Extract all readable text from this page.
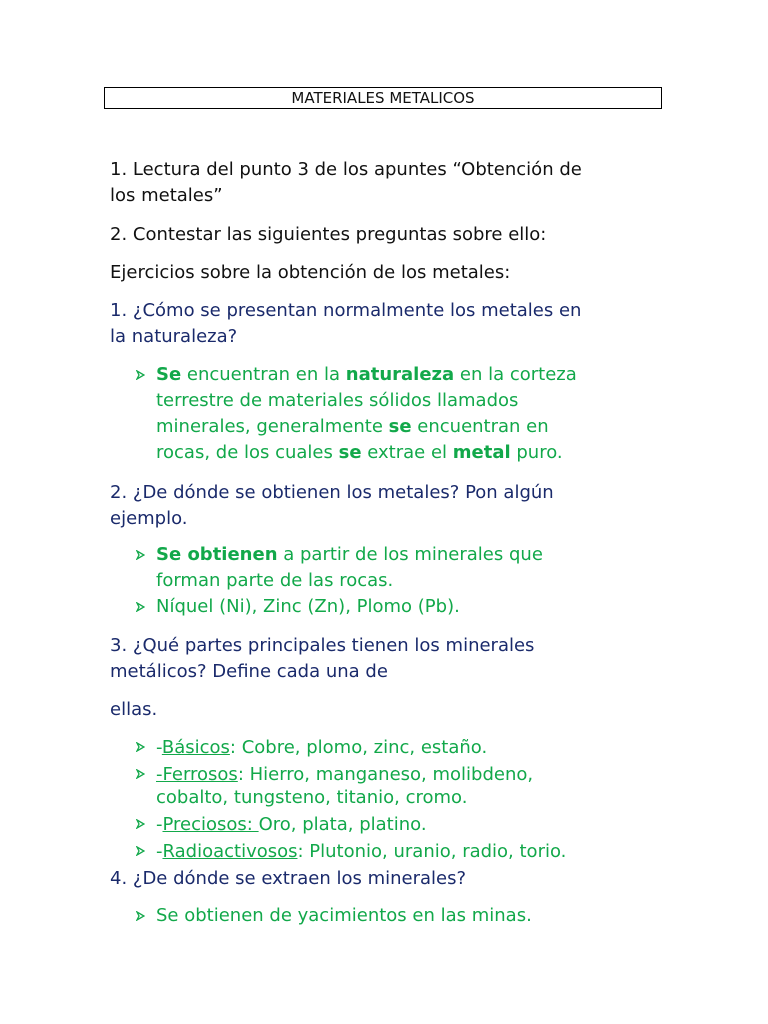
MATERIALES METALICOS

1. Lectura del punto 3 de los apuntes “Obtención de
los metales”

2. Contestar las siguientes preguntas sobre ello:

Ejercicios sobre la obtención de los metales:

1. ¿Cómo se presentan normalmente los metales en
la naturaleza?

Se encuentran en la naturaleza en la corteza
terrestre de materiales sólidos llamados
minerales, generalmente se encuentran en
rocas, de los cuales se extrae el metal puro.

2. ¿De dónde se obtienen los metales? Pon algún
ejemplo.

Se obtienen a partir de los minerales que
forman parte de las rocas.
Níquel (Ni), Zinc (Zn), Plomo (Pb).

3. ¿Qué partes principales tienen los minerales
metálicos? Define cada una de

ellas.

-Básicos: Cobre, plomo, zinc, estaño.
-Ferrosos: Hierro, manganeso, molibdeno,
cobalto, tungsteno, titanio, cromo.
-Preciosos: Oro, plata, platino.
-Radioactivosos: Plutonio, uranio, radio, torio.

4. ¿De dónde se extraen los minerales?

Se obtienen de yacimientos en las minas.
